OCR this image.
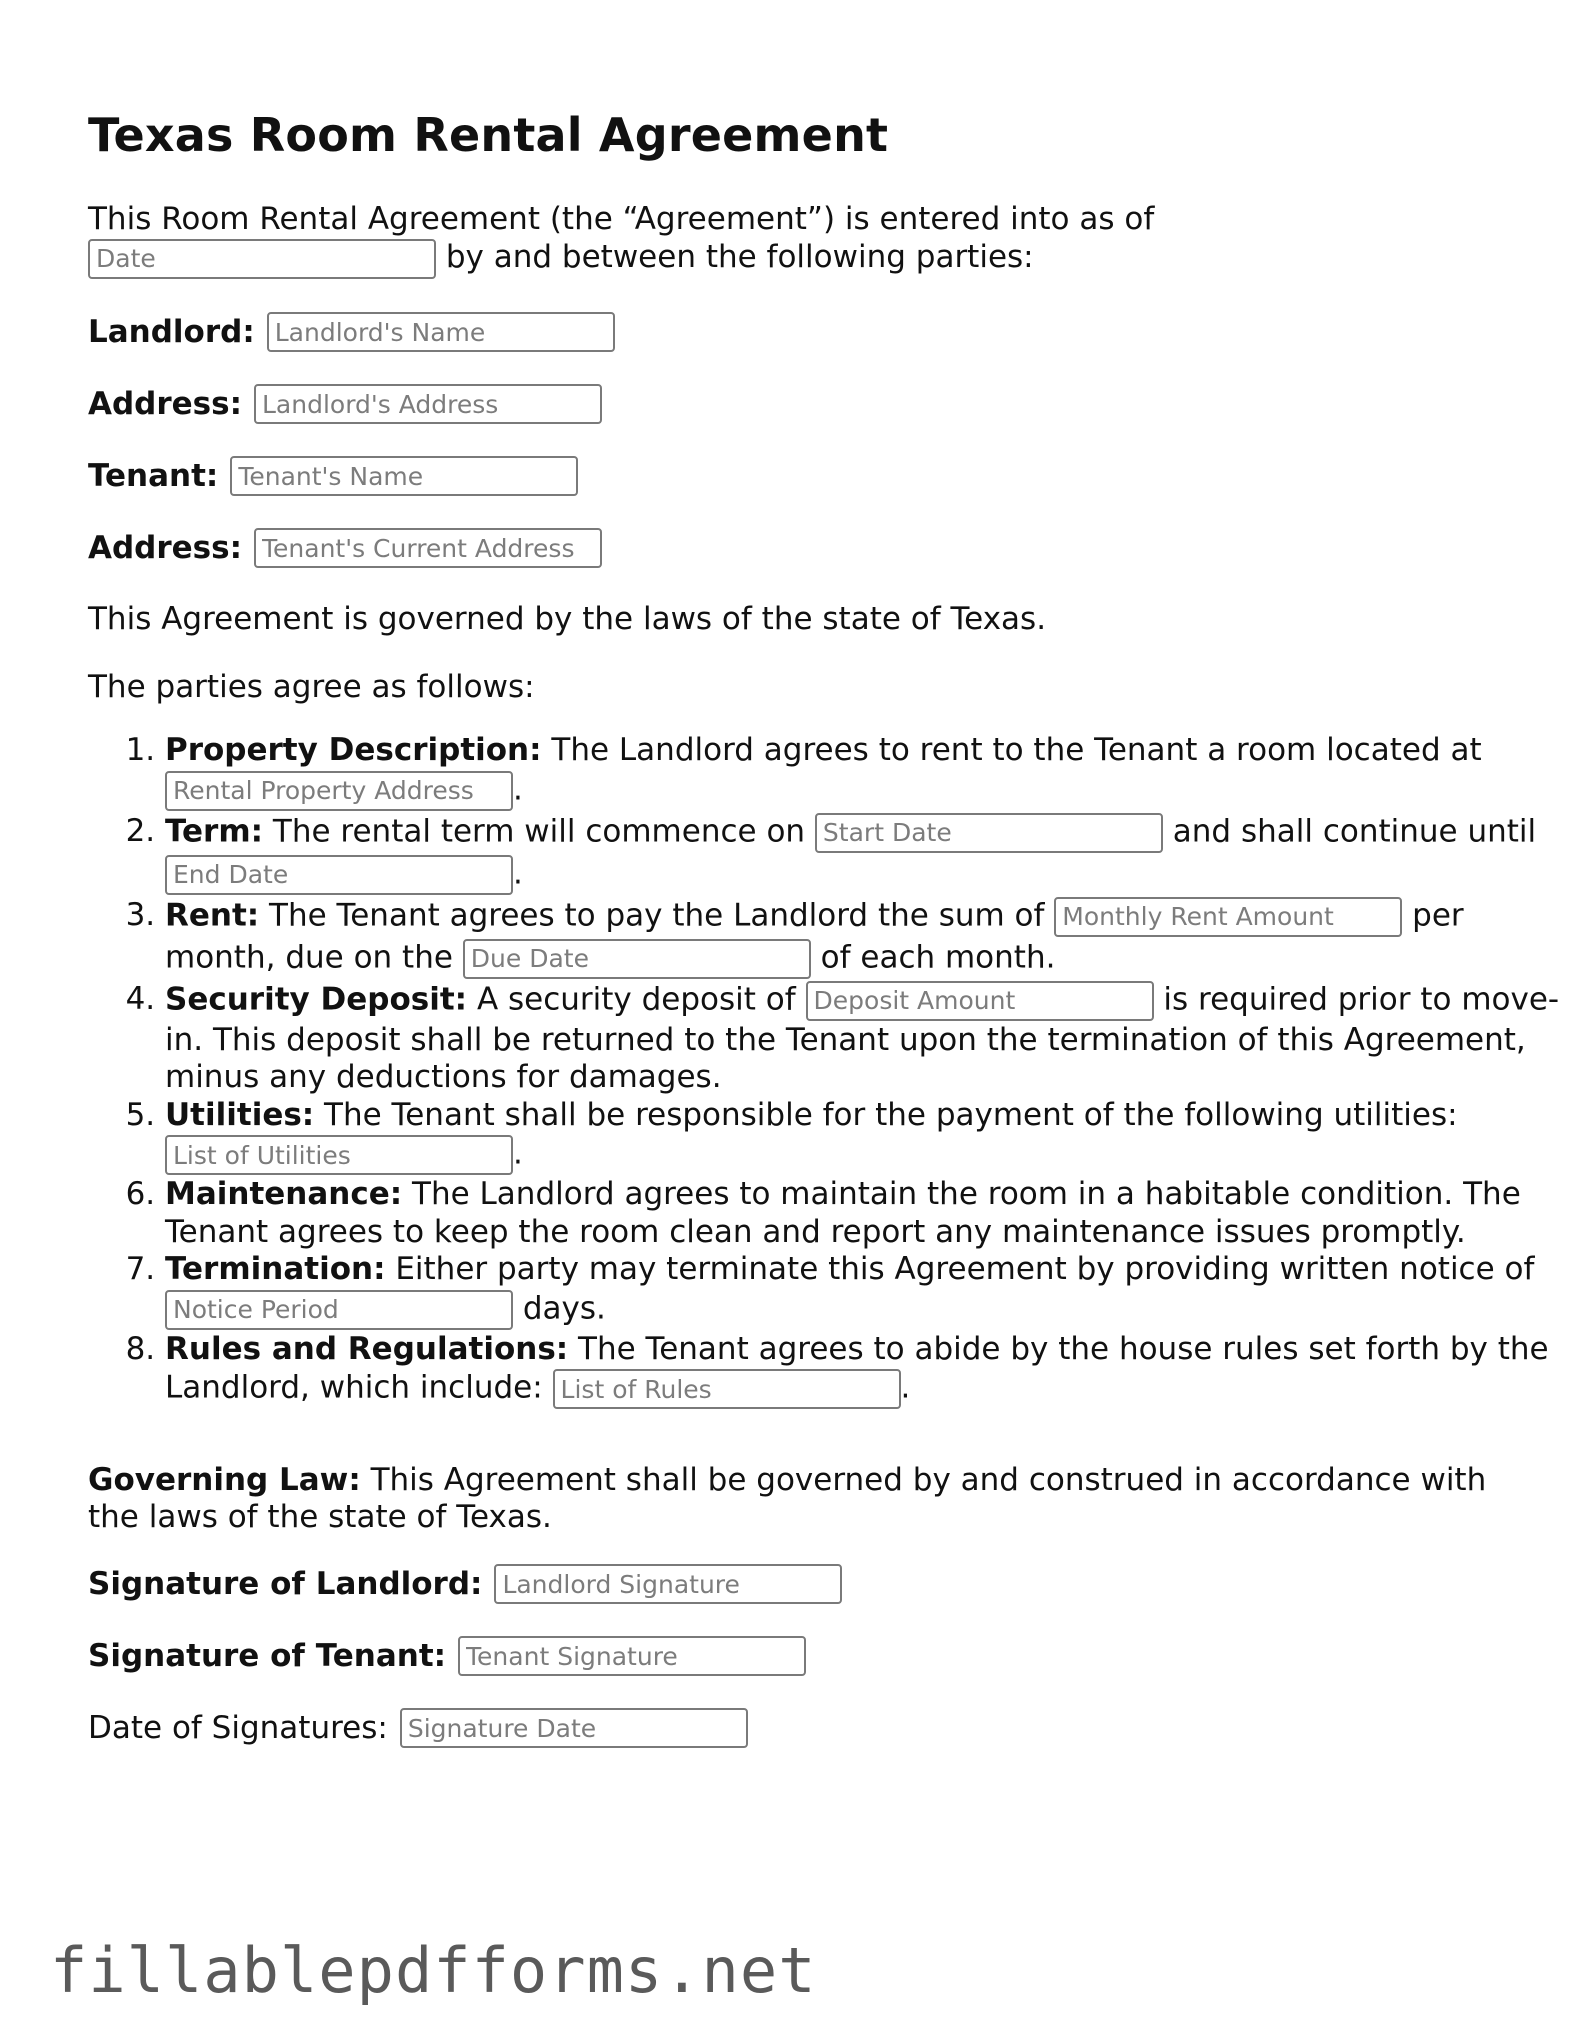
Texas Room Rental Agreement
This Room Rental Agreement (the “Agreement”) is entered into as of
Date by and between the following parties:
Landlord:
Landlord's Name
Address:
Landlord's Address
Tenant:
Tenant's Name
Address:
Tenant's Current Address

This Agreement is governed by the laws of the state of Texas.

The parties agree as follows:

1. Property Description: The Landlord agrees to rent to the Tenant a room located at Rental Property Address.
2. Term: The rental term will commence on Start Date	and shall continue until End Date.
3. Rent: The Tenant agrees to pay the Landlord the sum of Monthly Rent Amount	per month, due on the Due Date	of each month.
4. Security Deposit: A security deposit of Deposit Amount	is required prior to move-in. This deposit shall be returned to the Tenant upon the termination of this Agreement, minus any deductions for damages.
5. Utilities: The Tenant shall be responsible for the payment of the following utilities: List of Utilities.
6. Maintenance: The Landlord agrees to maintain the room in a habitable condition. The Tenant agrees to keep the room clean and report any maintenance issues promptly.
7. Termination: Either party may terminate this Agreement by providing written notice of Notice Period days.
8. Rules and Regulations: The Tenant agrees to abide by the house rules set forth by the Landlord, which include: List of Rules	.

Governing Law: This Agreement shall be governed by and construed in accordance with the laws of the state of Texas.

Signature of Landlord:
Landlord Signature
Signature of Tenant:
Tenant Signature
Date of Signatures:
Signature Date
fillablepdfforms.net
